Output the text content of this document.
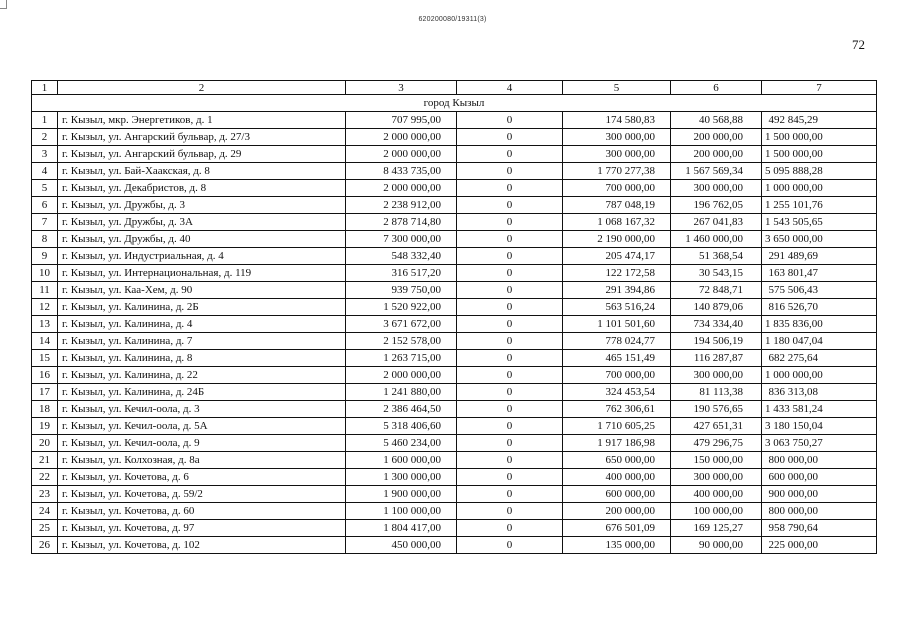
620200080/19311(3)
72
1	2	3	4	5	6	7
город Кызыл						
1	г. Кызыл, мкр. Энергетиков, д. 1	707 995,00	0	174 580,83	40 568,88	492 845,29
2	г. Кызыл, ул. Ангарский бульвар, д. 27/3	2 000 000,00	0	300 000,00	200 000,00	1 500 000,00
3	г. Кызыл, ул. Ангарский бульвар, д. 29	2 000 000,00	0	300 000,00	200 000,00	1 500 000,00
4	г. Кызыл, ул. Бай-Хаакская, д. 8	8 433 735,00	0	1 770 277,38	1 567 569,34	5 095 888,28
5	г. Кызыл, ул. Декабристов, д. 8	2 000 000,00	0	700 000,00	300 000,00	1 000 000,00
6	г. Кызыл, ул. Дружбы, д. 3	2 238 912,00	0	787 048,19	196 762,05	1 255 101,76
7	г. Кызыл, ул. Дружбы, д. 3А	2 878 714,80	0	1 068 167,32	267 041,83	1 543 505,65
8	г. Кызыл, ул. Дружбы, д. 40	7 300 000,00	0	2 190 000,00	1 460 000,00	3 650 000,00
9	г. Кызыл, ул. Индустриальная, д. 4	548 332,40	0	205 474,17	51 368,54	291 489,69
10	г. Кызыл, ул. Интернациональная, д. 119	316 517,20	0	122 172,58	30 543,15	163 801,47
11	г. Кызыл, ул. Каа-Хем, д. 90	939 750,00	0	291 394,86	72 848,71	575 506,43
12	г. Кызыл, ул. Калинина, д. 2Б	1 520 922,00	0	563 516,24	140 879,06	816 526,70
13	г. Кызыл, ул. Калинина, д. 4	3 671 672,00	0	1 101 501,60	734 334,40	1 835 836,00
14	г. Кызыл, ул. Калинина, д. 7	2 152 578,00	0	778 024,77	194 506,19	1 180 047,04
15	г. Кызыл, ул. Калинина, д. 8	1 263 715,00	0	465 151,49	116 287,87	682 275,64
16	г. Кызыл, ул. Калинина, д. 22	2 000 000,00	0	700 000,00	300 000,00	1 000 000,00
17	г. Кызыл, ул. Калинина, д. 24Б	1 241 880,00	0	324 453,54	81 113,38	836 313,08
18	г. Кызыл, ул. Кечил-оола, д. 3	2 386 464,50	0	762 306,61	190 576,65	1 433 581,24
19	г. Кызыл, ул. Кечил-оола, д. 5А	5 318 406,60	0	1 710 605,25	427 651,31	3 180 150,04
20	г. Кызыл, ул. Кечил-оола, д. 9	5 460 234,00	0	1 917 186,98	479 296,75	3 063 750,27
21	г. Кызыл, ул. Колхозная, д. 8а	1 600 000,00	0	650 000,00	150 000,00	800 000,00
22	г. Кызыл, ул. Кочетова, д. 6	1 300 000,00	0	400 000,00	300 000,00	600 000,00
23	г. Кызыл, ул. Кочетова, д. 59/2	1 900 000,00	0	600 000,00	400 000,00	900 000,00
24	г. Кызыл, ул. Кочетова, д. 60	1 100 000,00	0	200 000,00	100 000,00	800 000,00
25	г. Кызыл, ул. Кочетова, д. 97	1 804 417,00	0	676 501,09	169 125,27	958 790,64
26	г. Кызыл, ул. Кочетова, д. 102	450 000,00	0	135 000,00	90 000,00	225 000,00
